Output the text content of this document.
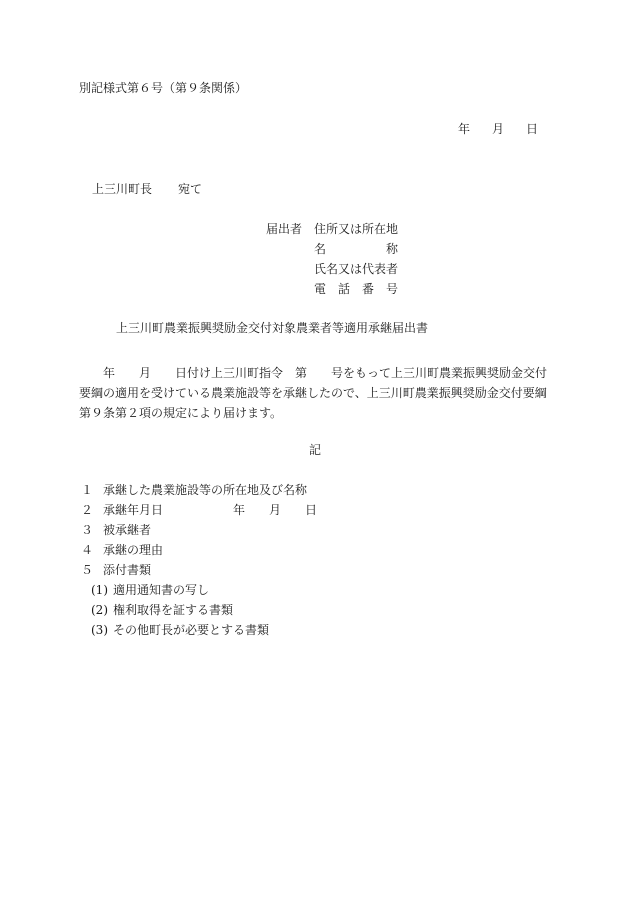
別記様式第６号（第９条関係）
年 月 日
上三川町長 宛て
届出者 住所又は所在地
名　　　称
氏名又は代表者
電　話　番　号
上三川町農業振興奨励金交付対象農業者等適用承継届出書
年　　月　　日付け上三川町指令　第　　号をもって上三川町農業振興奨励金交付要綱の適用を受けている農業施設等を承継したので、上三川町農業振興奨励金交付要綱第９条第２項の規定により届けます。
記
１ 承継した農業施設等の所在地及び名称
２ 承継年月日	年　　月　　日
３ 被承継者
４ 承継の理由
５ 添付書類
(1) 適用通知書の写し
(2) 権利取得を証する書類
(3) その他町長が必要とする書類
